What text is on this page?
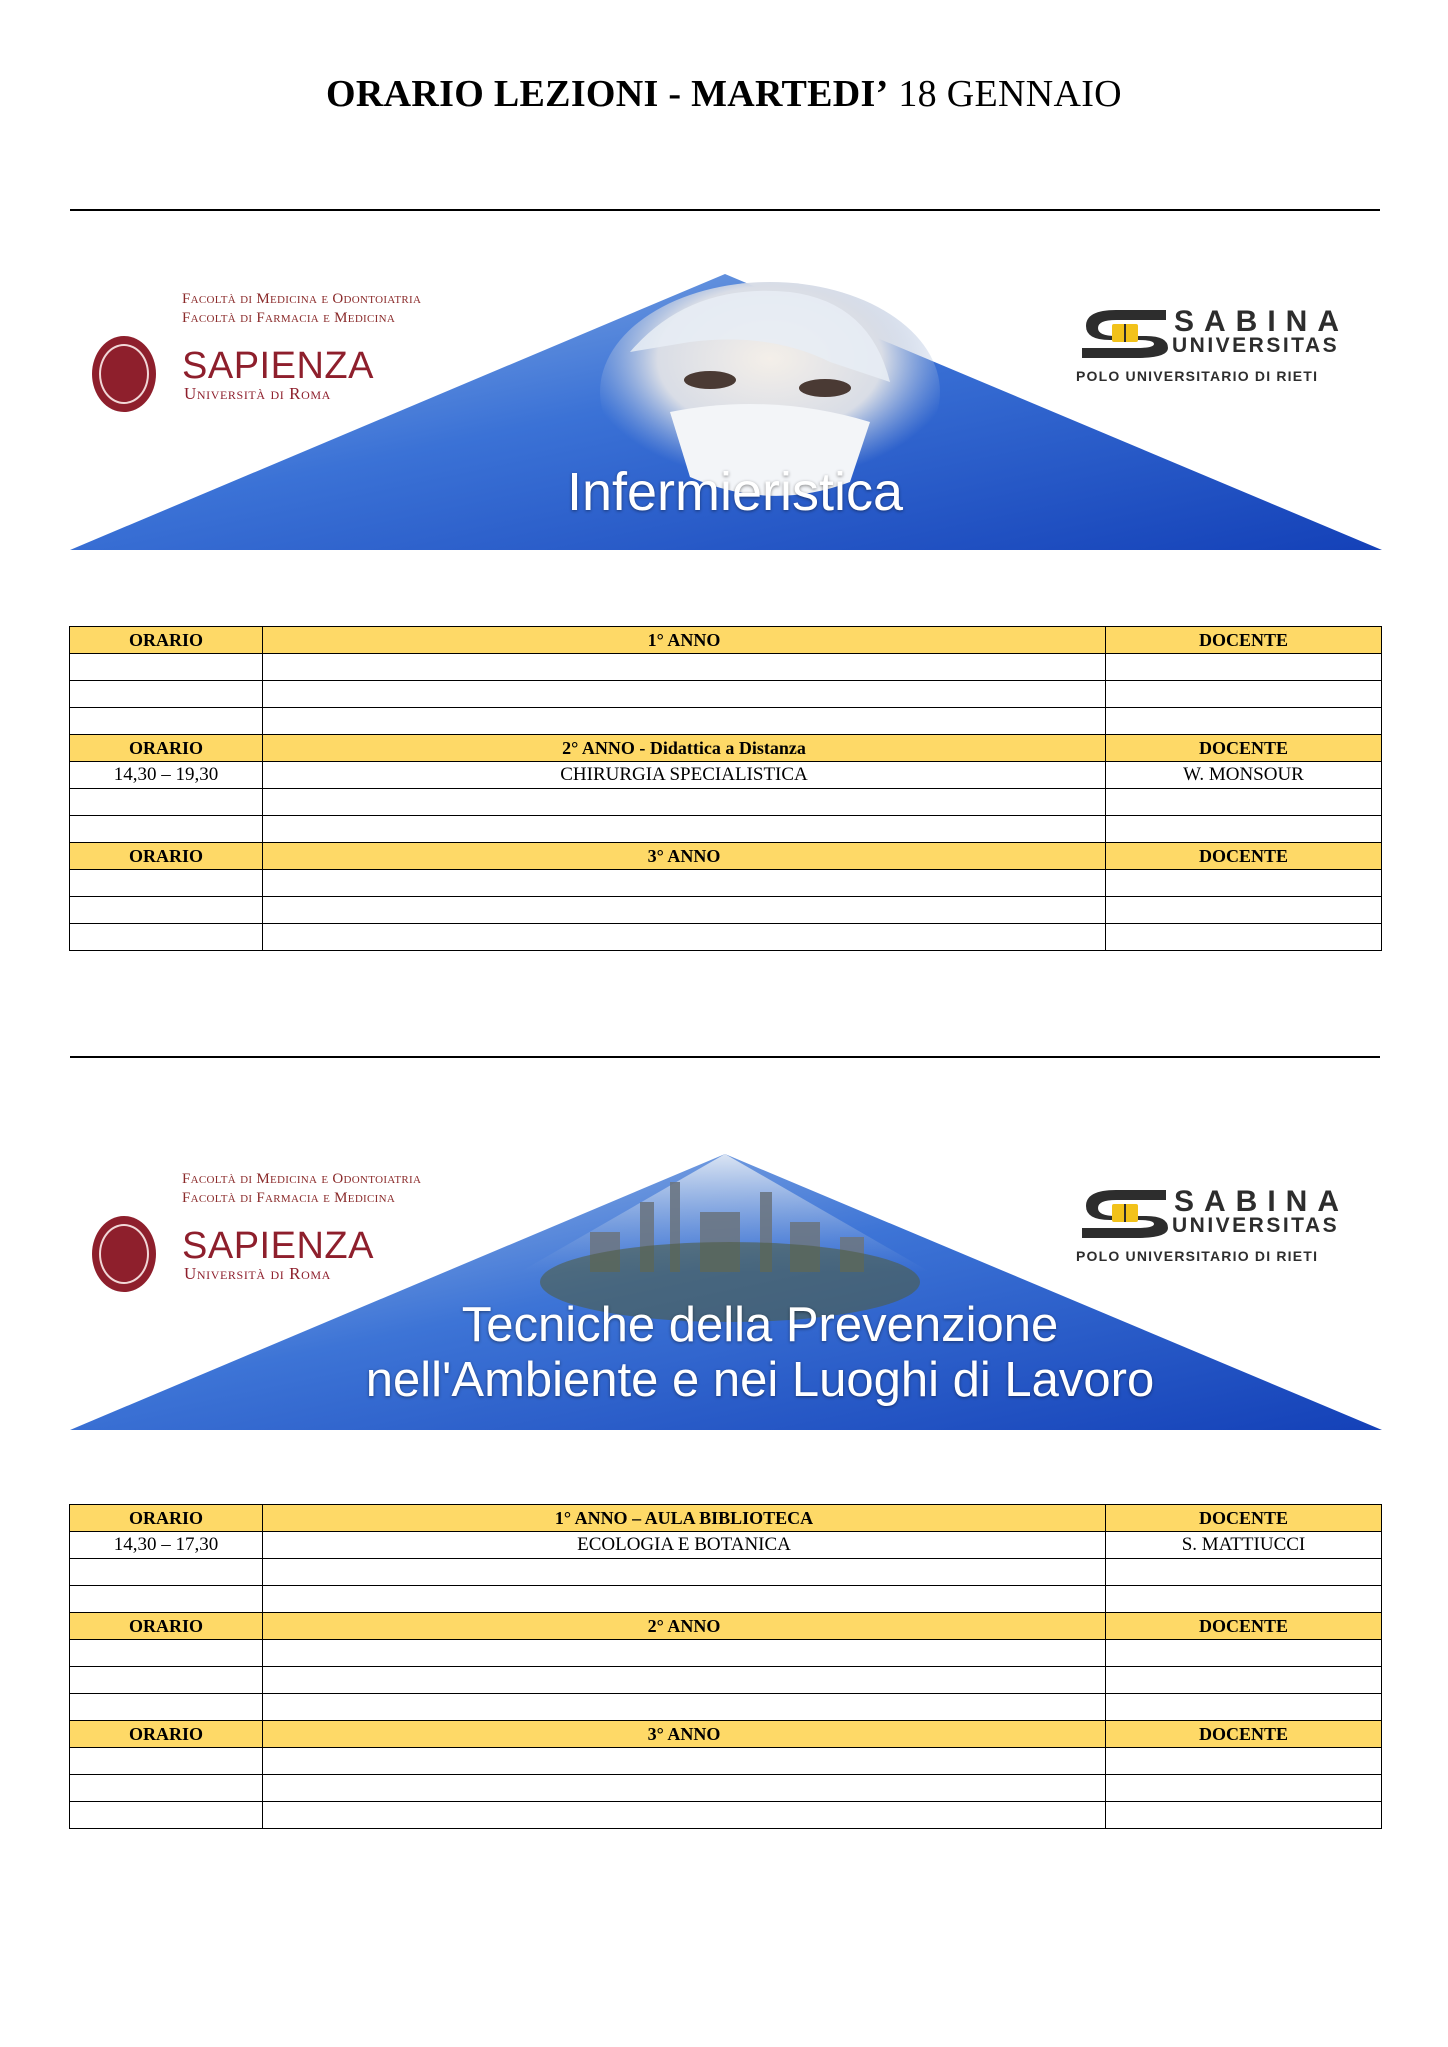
ORARIO LEZIONI - MARTEDI’ 18 GENNAIO
Facoltà di Medicina e Odontoiatria
Facoltà di Farmacia e Medicina
SAPIENZA
Università di Roma
SABINA
UNIVERSITAS
POLO UNIVERSITARIO DI RIETI
Infermieristica
ORARIO	1° ANNO	DOCENTE

ORARIO	2° ANNO - Didattica a Distanza	DOCENTE
14,30 – 19,30	CHIRURGIA SPECIALISTICA	W. MONSOUR

ORARIO	3° ANNO	DOCENTE

Facoltà di Medicina e Odontoiatria
Facoltà di Farmacia e Medicina
SAPIENZA
Università di Roma
SABINA
UNIVERSITAS
POLO UNIVERSITARIO DI RIETI
Tecniche della Prevenzione
nell'Ambiente e nei Luoghi di Lavoro
ORARIO	1° ANNO – AULA BIBLIOTECA	DOCENTE
14,30 – 17,30	ECOLOGIA E BOTANICA	S. MATTIUCCI

ORARIO	2° ANNO	DOCENTE

ORARIO	3° ANNO	DOCENTE
